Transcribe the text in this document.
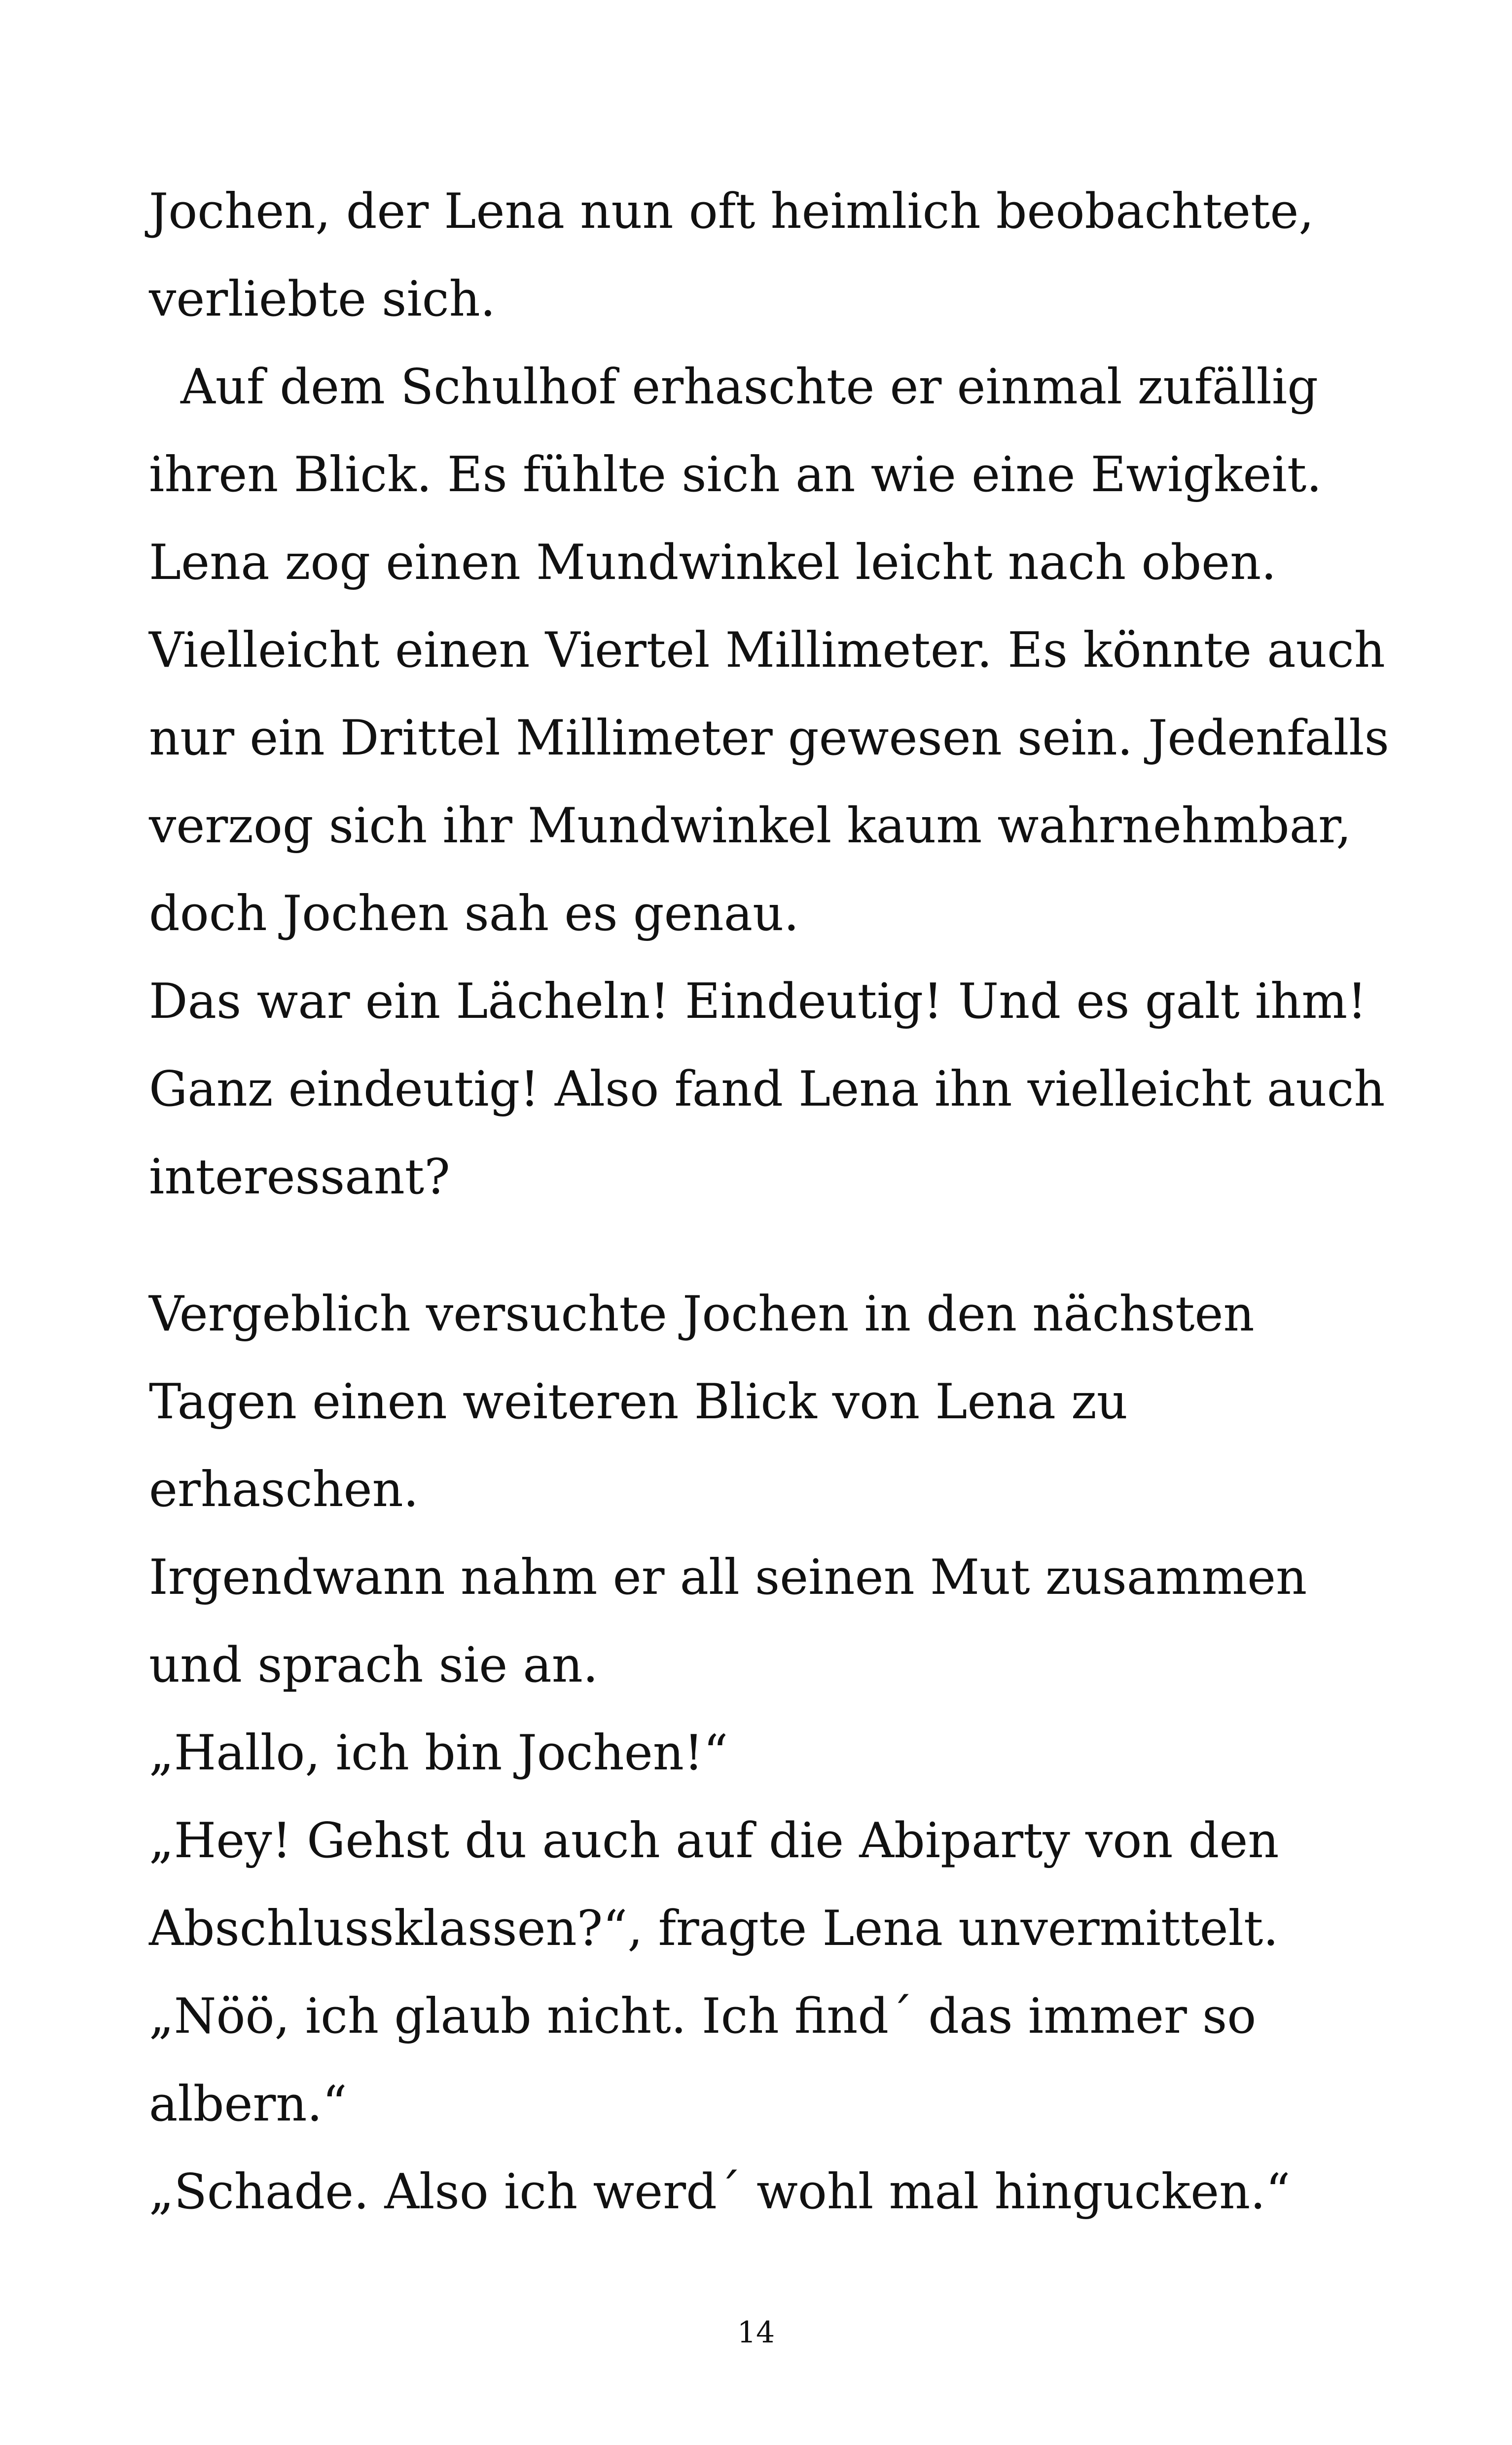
Jochen, der Lena nun oft heimlich beobachtete,
verliebte sich.
Auf dem Schulhof erhaschte er einmal zufällig
ihren Blick. Es fühlte sich an wie eine Ewigkeit.
Lena zog einen Mundwinkel leicht nach oben.
Vielleicht einen Viertel Millimeter. Es könnte auch
nur ein Drittel Millimeter gewesen sein. Jedenfalls
verzog sich ihr Mundwinkel kaum wahrnehmbar,
doch Jochen sah es genau.
Das war ein Lächeln! Eindeutig! Und es galt ihm!
Ganz eindeutig! Also fand Lena ihn vielleicht auch
interessant?
Vergeblich versuchte Jochen in den nächsten
Tagen einen weiteren Blick von Lena zu
erhaschen.
Irgendwann nahm er all seinen Mut zusammen
und sprach sie an.
„Hallo, ich bin Jochen!“
„Hey! Gehst du auch auf die Abiparty von den
Abschlussklassen?“, fragte Lena unvermittelt.
„Nöö, ich glaub nicht. Ich find´ das immer so
albern.“
„Schade. Also ich werd´ wohl mal hingucken.“
14
